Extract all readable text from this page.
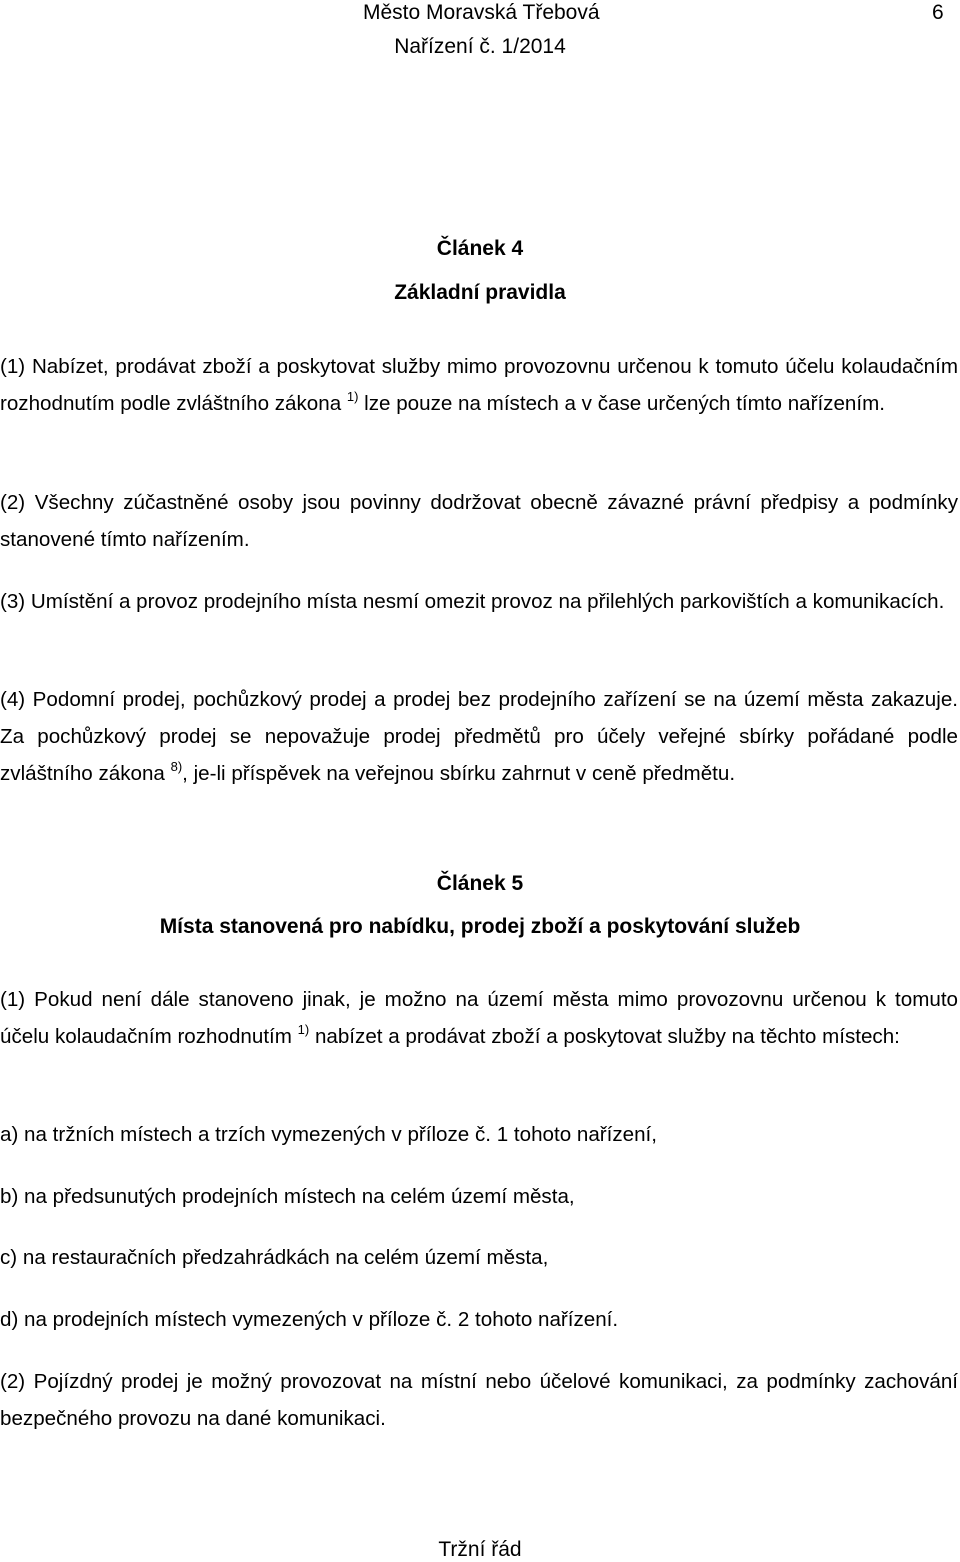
Město Moravská Třebová	6
Nařízení č. 1/2014
Článek 4
Základní pravidla

(1) Nabízet, prodávat zboží a poskytovat služby mimo provozovnu určenou k tomuto účelu kolaudačním rozhodnutím podle zvláštního zákona $^{1)}$ lze pouze na místech a v čase určených tímto nařízením.

(2) Všechny zúčastněné osoby jsou povinny dodržovat obecně závazné právní předpisy a podmínky stanovené tímto nařízením.

(3) Umístění a provoz prodejního místa nesmí omezit provoz na přilehlých parkovištích a komunikacích.

(4) Podomní prodej, pochůzkový prodej a prodej bez prodejního zařízení se na území města zakazuje. Za pochůzkový prodej se nepovažuje prodej předmětů pro účely veřejné sbírky pořádané podle zvláštního zákona $^{8)}$, je-li příspěvek na veřejnou sbírku zahrnut v ceně předmětu.

Článek 5
Místa stanovená pro nabídku, prodej zboží a poskytování služeb

(1) Pokud není dále stanoveno jinak, je možno na území města mimo provozovnu určenou k tomuto účelu kolaudačním rozhodnutím $^{1)}$ nabízet a prodávat zboží a poskytovat služby na těchto místech:

a) na tržních místech a trzích vymezených v příloze č. 1 tohoto nařízení,

b) na předsunutých prodejních místech na celém území města,

c) na restauračních předzahrádkách na celém území města,

d) na prodejních místech vymezených v příloze č. 2 tohoto nařízení.

(2) Pojízdný prodej je možný provozovat na místní nebo účelové komunikaci, za podmínky zachování bezpečného provozu na dané komunikaci.

Tržní řád
